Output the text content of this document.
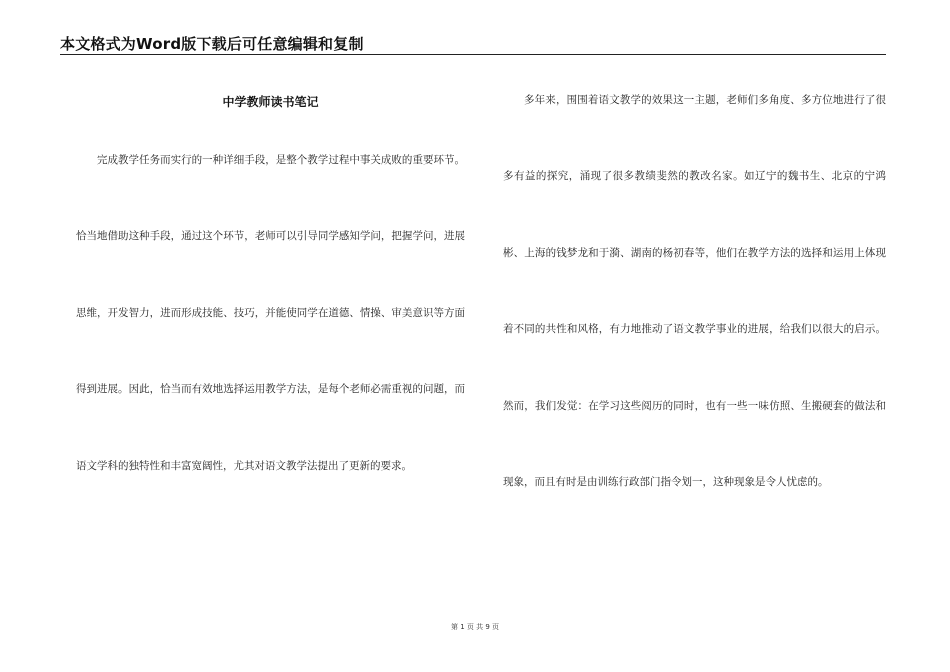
本文格式为Word版下载后可任意编辑和复制
中学教师读书笔记

完成教学任务而实行的一种详细手段，是整个教学过程中事关成败的重要环节。恰当地借助这种手段，通过这个环节，老师可以引导同学感知学问，把握学问，进展思维，开发智力，进而形成技能、技巧，并能使同学在道德、情操、审美意识等方面得到进展。因此，恰当而有效地选择运用教学方法，是每个老师必需重视的问题，而语文学科的独特性和丰富宽阔性，尤其对语文教学法提出了更新的要求。

多年来，围围着语文教学的效果这一主题，老师们多角度、多方位地进行了很多有益的探究，涌现了很多教绩斐然的教改名家。如辽宁的魏书生、北京的宁鸿彬、上海的钱梦龙和于漪、湖南的杨初春等，他们在教学方法的选择和运用上体现着不同的共性和风格，有力地推动了语文教学事业的进展，给我们以很大的启示。然而，我们发觉：在学习这些阅历的同时，也有一些一味仿照、生搬硬套的做法和现象，而且有时是由训练行政部门指令划一，这种现象是令人忧虑的。

第 1 页 共 9 页
